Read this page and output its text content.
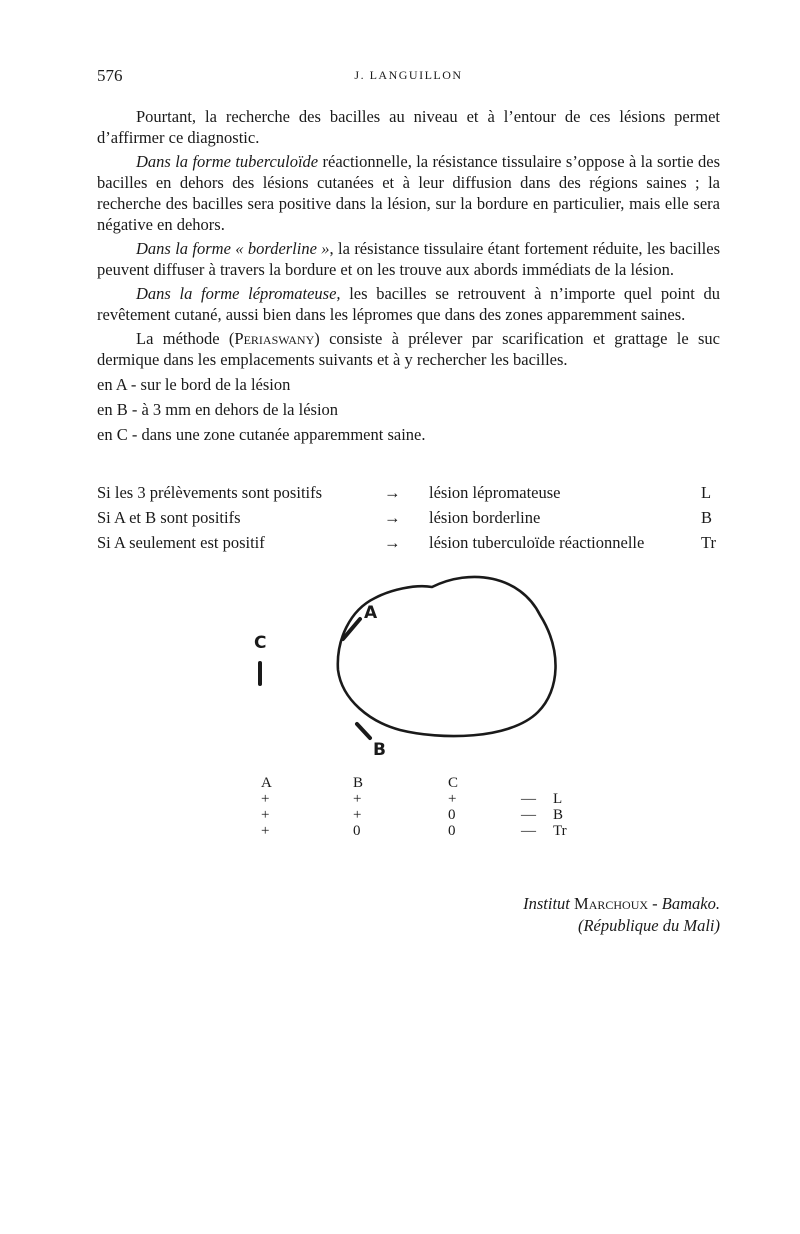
576	J. LANGUILLON

Pourtant, la recherche des bacilles au niveau et à l’entour de ces lésions permet d’affirmer ce diagnostic.

Dans la forme tuberculoïde réactionnelle, la résistance tissulaire s’oppose à la sortie des bacilles en dehors des lésions cutanées et à leur diffusion dans des régions saines ; la recherche des bacilles sera positive dans la lésion, sur la bordure en particulier, mais elle sera négative en dehors.

Dans la forme « borderline », la résistance tissulaire étant fortement réduite, les bacilles peuvent diffuser à travers la bordure et on les trouve aux abords immédiats de la lésion.

Dans la forme lépromateuse, les bacilles se retrouvent à n’importe quel point du revêtement cutané, aussi bien dans les lépromes que dans des zones apparemment saines.

La méthode (Periaswany) consiste à prélever par scarification et grattage le suc dermique dans les emplacements suivants et à y rechercher les bacilles.

en A - sur le bord de la lésion
en B - à 3 mm en dehors de la lésion
en C - dans une zone cutanée apparemment saine.
Si les 3 prélèvements sont positifs	→ lésion lépromateuse	L
Si A et B sont positifs	→ lésion borderline	B
Si A seulement est positif	→ lésion tuberculoïde réactionnelle	Tr
A
B
C
A	B	C
+	+	+	— L
+	+	0	— B
+	0	0	— Tr
Institut Marchoux - Bamako.
(République du Mali)
